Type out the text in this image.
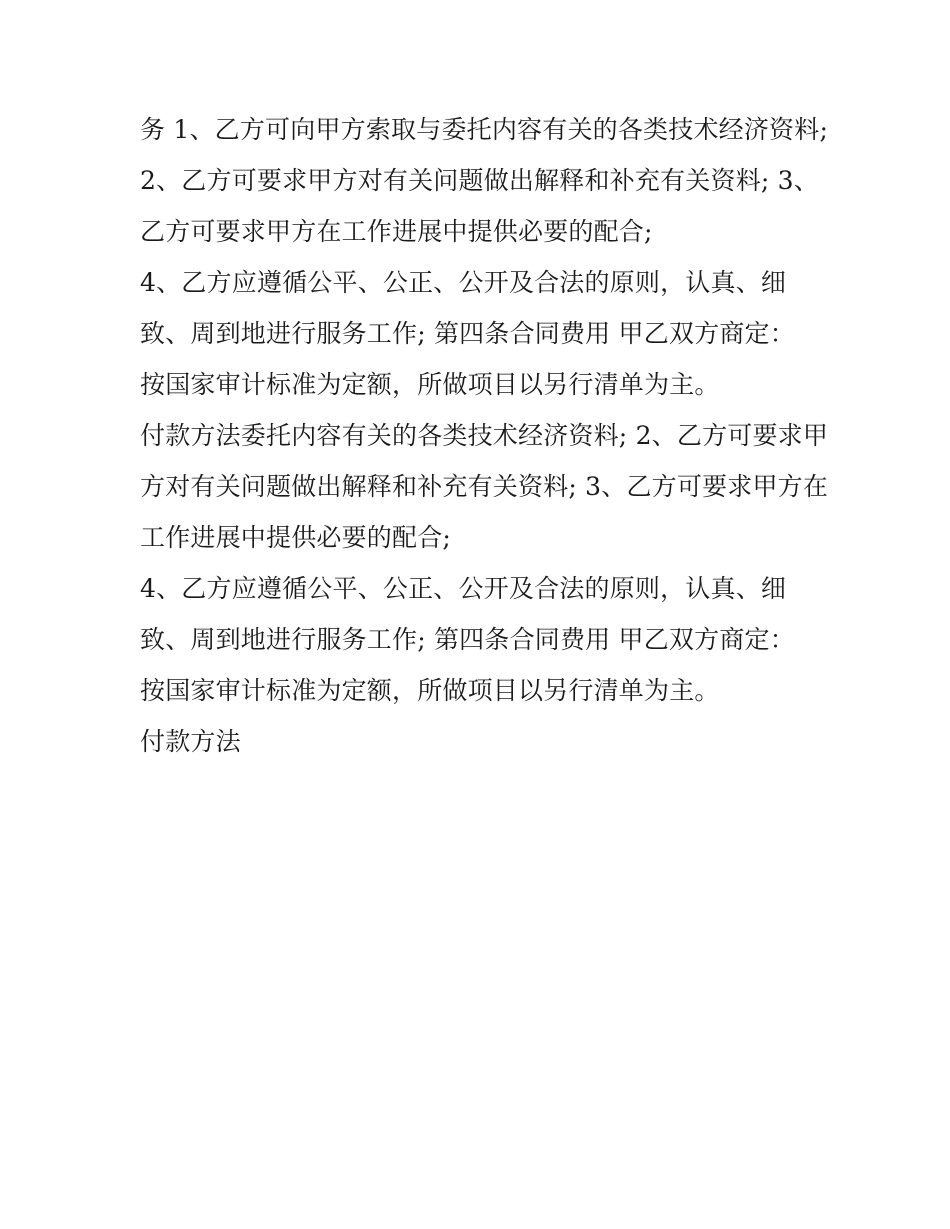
务 1、乙方可向甲方索取与委托内容有关的各类技术经济资料;
2、乙方可要求甲方对有关问题做出解释和补充有关资料; 3、
乙方可要求甲方在工作进展中提供必要的配合;
4、乙方应遵循公平、公正、公开及合法的原则，认真、细
致、周到地进行服务工作; 第四条合同费用 甲乙双方商定：
按国家审计标准为定额，所做项目以另行清单为主。
付款方法委托内容有关的各类技术经济资料; 2、乙方可要求甲
方对有关问题做出解释和补充有关资料; 3、乙方可要求甲方在
工作进展中提供必要的配合;
4、乙方应遵循公平、公正、公开及合法的原则，认真、细
致、周到地进行服务工作; 第四条合同费用 甲乙双方商定：
按国家审计标准为定额，所做项目以另行清单为主。
付款方法
